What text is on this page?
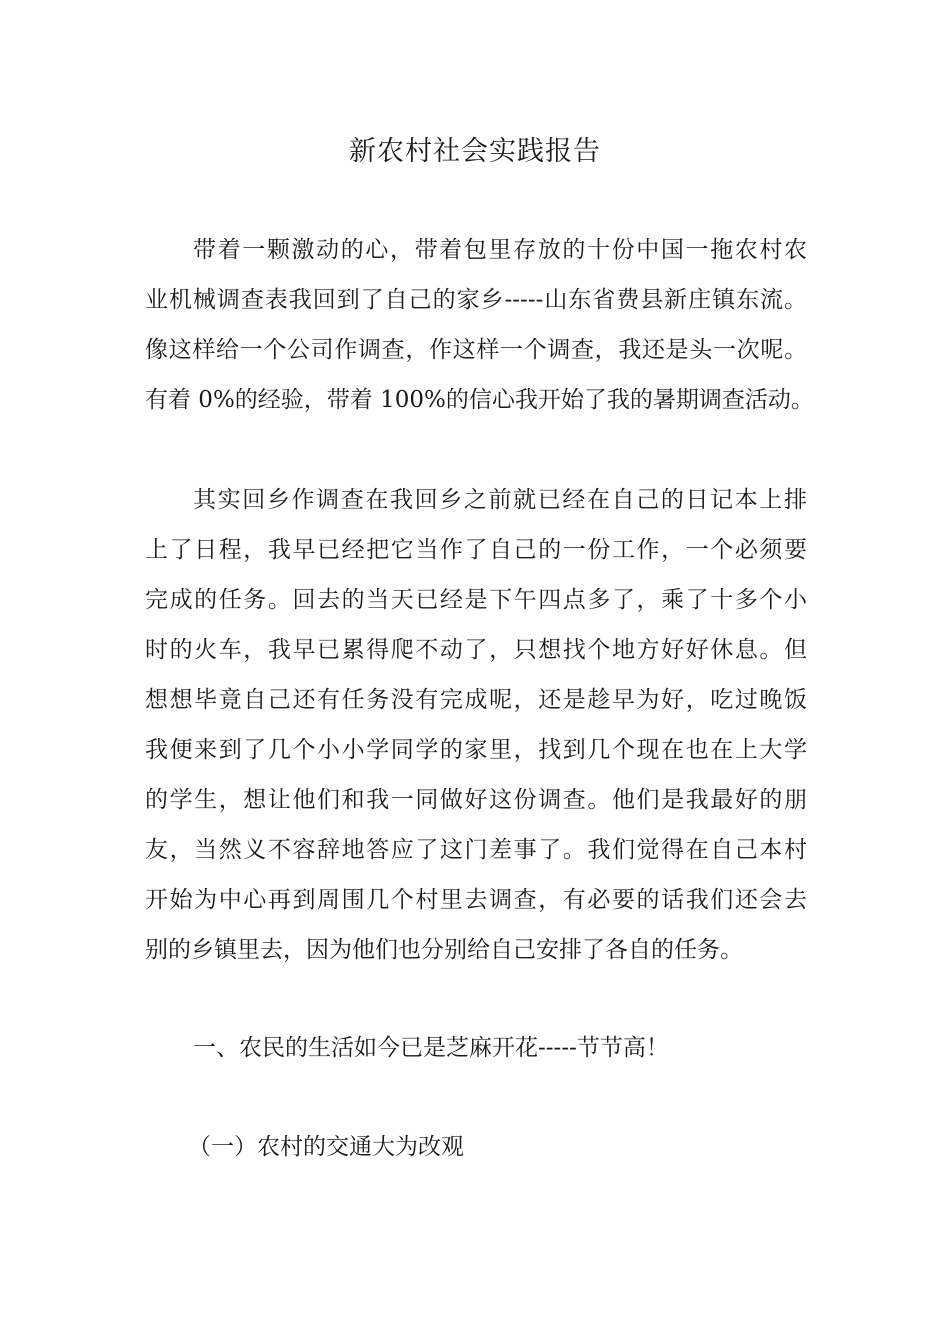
新农村社会实践报告
带着一颗激动的心，带着包里存放的十份中国一拖农村农
业机械调查表我回到了自己的家乡-----山东省费县新庄镇东流。
像这样给一个公司作调查，作这样一个调查，我还是头一次呢。
有着 0%的经验，带着 100%的信心我开始了我的暑期调查活动。
其实回乡作调查在我回乡之前就已经在自己的日记本上排
上了日程，我早已经把它当作了自己的一份工作，一个必须要
完成的任务。回去的当天已经是下午四点多了，乘了十多个小
时的火车，我早已累得爬不动了，只想找个地方好好休息。但
想想毕竟自己还有任务没有完成呢，还是趁早为好，吃过晚饭
我便来到了几个小小学同学的家里，找到几个现在也在上大学
的学生，想让他们和我一同做好这份调查。他们是我最好的朋
友，当然义不容辞地答应了这门差事了。我们觉得在自己本村
开始为中心再到周围几个村里去调查，有必要的话我们还会去
别的乡镇里去，因为他们也分别给自己安排了各自的任务。
一、农民的生活如今已是芝麻开花-----节节高！
（一）农村的交通大为改观
